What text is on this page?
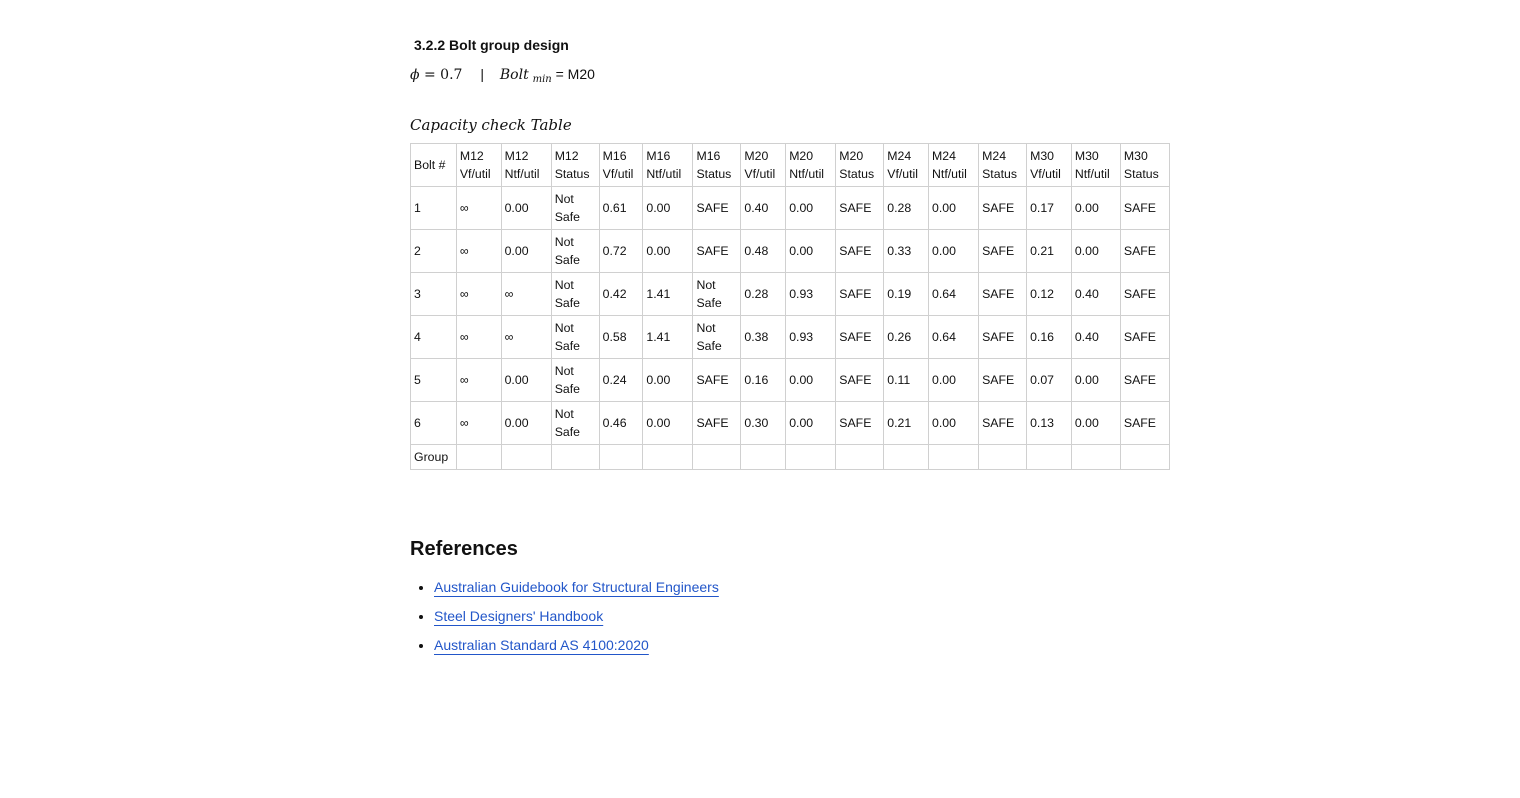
3.2.2 Bolt group design
ϕ = 0.7 | Bolt $_{min}$ = M20
Capacity check Table
Bolt #	M12 Vf/util	M12 Ntf/util	M12 Status	M16 Vf/util	M16 Ntf/util	M16 Status	M20 Vf/util	M20 Ntf/util	M20 Status	M24 Vf/util	M24 Ntf/util	M24 Status	M30 Vf/util	M30 Ntf/util	M30 Status
1	∞	0.00	Not Safe	0.61	0.00	SAFE	0.40	0.00	SAFE	0.28	0.00	SAFE	0.17	0.00	SAFE
2	∞	0.00	Not Safe	0.72	0.00	SAFE	0.48	0.00	SAFE	0.33	0.00	SAFE	0.21	0.00	SAFE
3	∞	∞	Not Safe	0.42	1.41	Not Safe	0.28	0.93	SAFE	0.19	0.64	SAFE	0.12	0.40	SAFE
4	∞	∞	Not Safe	0.58	1.41	Not Safe	0.38	0.93	SAFE	0.26	0.64	SAFE	0.16	0.40	SAFE
5	∞	0.00	Not Safe	0.24	0.00	SAFE	0.16	0.00	SAFE	0.11	0.00	SAFE	0.07	0.00	SAFE
6	∞	0.00	Not Safe	0.46	0.00	SAFE	0.30	0.00	SAFE	0.21	0.00	SAFE	0.13	0.00	SAFE
Group															
References
• Australian Guidebook for Structural Engineers
• Steel Designers' Handbook
• Australian Standard AS 4100:2020
